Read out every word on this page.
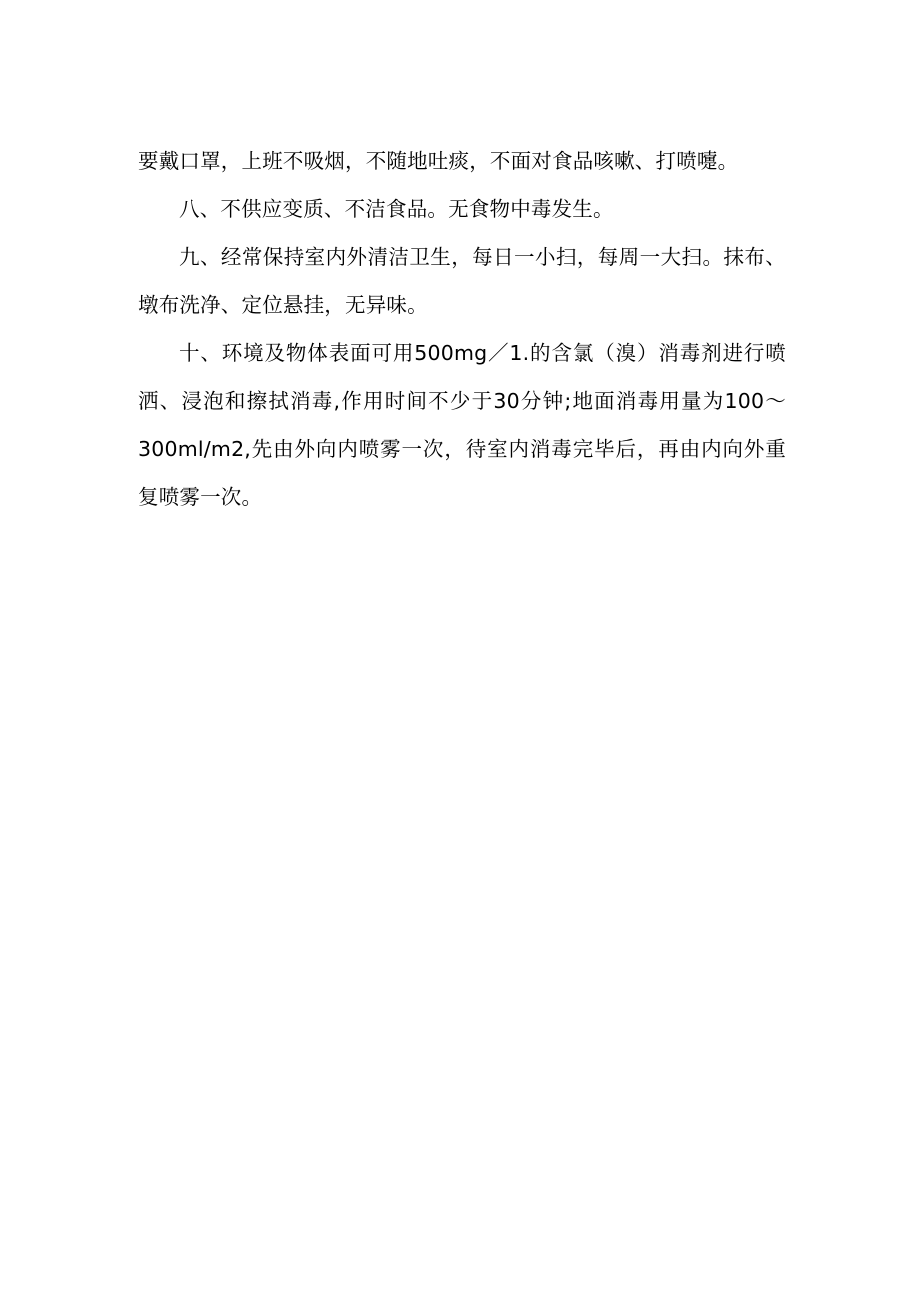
要戴口罩，上班不吸烟，不随地吐痰，不面对食品咳嗽、打喷嚏。

八、不供应变质、不洁食品。无食物中毒发生。

九、经常保持室内外清洁卫生，每日一小扫，每周一大扫。抹布、墩布洗净、定位悬挂，无异味。

十、环境及物体表面可用500mg／1.的含氯（溴）消毒剂进行喷洒、浸泡和擦拭消毒,作用时间不少于30分钟;地面消毒用量为100～300ml/m2,先由外向内喷雾一次，待室内消毒完毕后，再由内向外重复喷雾一次。
